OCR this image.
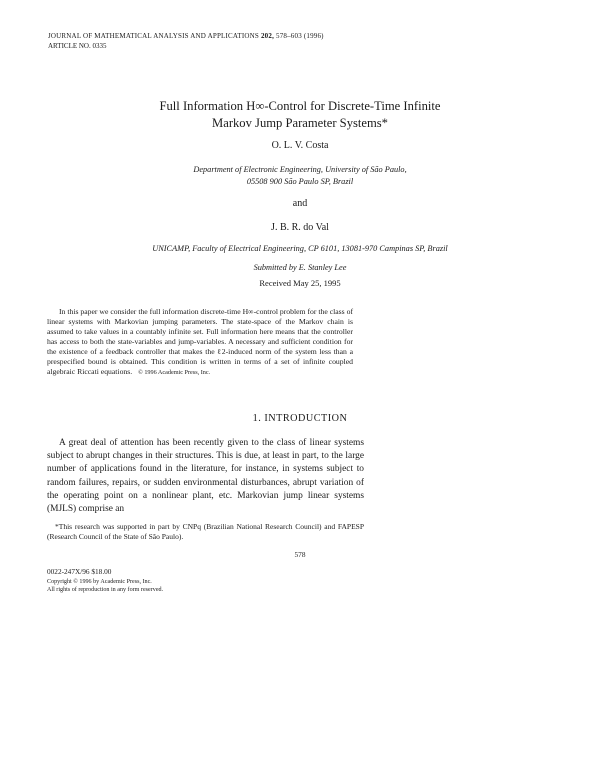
JOURNAL OF MATHEMATICAL ANALYSIS AND APPLICATIONS 202, 578–603 (1996)
ARTICLE NO. 0335
Full Information H∞-Control for Discrete-Time Infinite
Markov Jump Parameter Systems*
O. L. V. Costa
Department of Electronic Engineering, University of São Paulo,
05508 900 São Paulo SP, Brazil
and
J. B. R. do Val
UNICAMP, Faculty of Electrical Engineering, CP 6101, 13081-970 Campinas SP, Brazil
Submitted by E. Stanley Lee
Received May 25, 1995
In this paper we consider the full information discrete-time H∞-control problem for the class of linear systems with Markovian jumping parameters. The state-space of the Markov chain is assumed to take values in a countably infinite set. Full information here means that the controller has access to both the state-variables and jump-variables. A necessary and sufficient condition for the existence of a feedback controller that makes the ℓ2-induced norm of the system less than a prespecified bound is obtained. This condition is written in terms of a set of infinite coupled algebraic Riccati equations. © 1996 Academic Press, Inc.
1. INTRODUCTION
A great deal of attention has been recently given to the class of linear systems subject to abrupt changes in their structures. This is due, at least in part, to the large number of applications found in the literature, for instance, in systems subject to random failures, repairs, or sudden environmental disturbances, abrupt variation of the operating point on a nonlinear plant, etc. Markovian jump linear systems (MJLS) comprise an
*This research was supported in part by CNPq (Brazilian National Research Council) and FAPESP (Research Council of the State of São Paulo).
578
0022-247X/96 $18.00
Copyright © 1996 by Academic Press, Inc.
All rights of reproduction in any form reserved.
